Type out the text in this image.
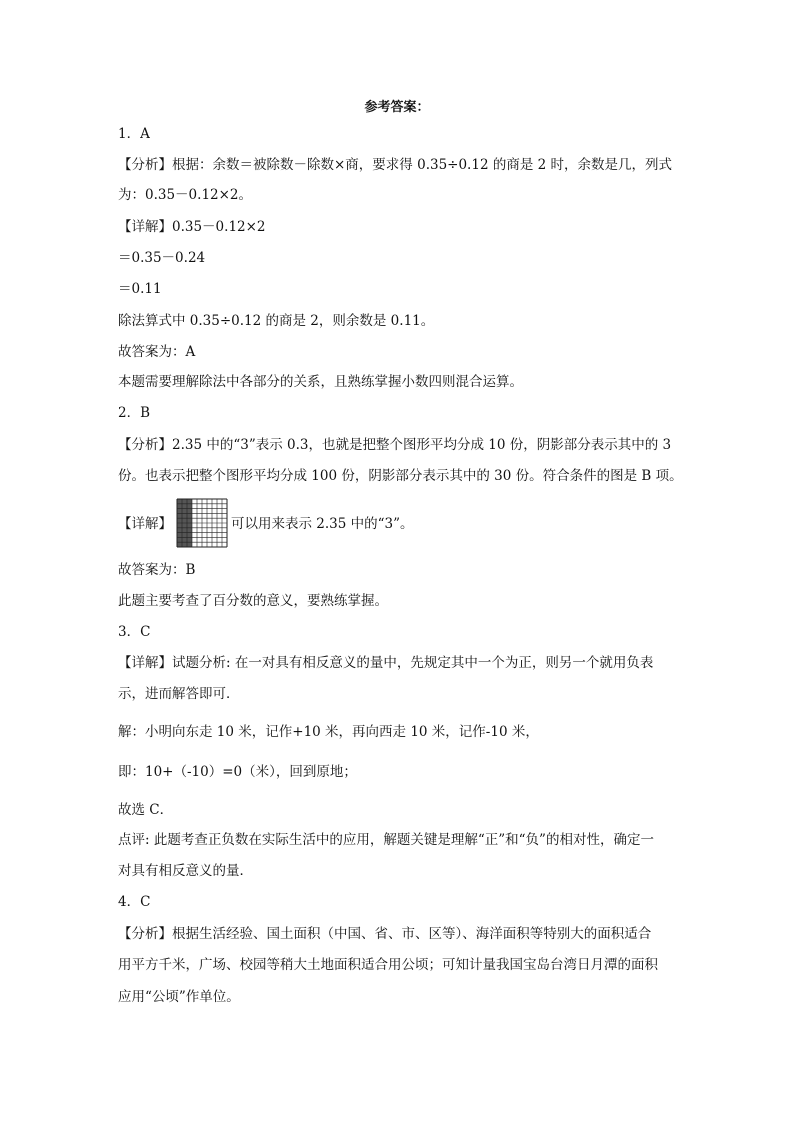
参考答案：
1．A
【分析】根据：余数＝被除数－除数×商，要求得 0.35÷0.12 的商是 2 时，余数是几，列式
为：0.35－0.12×2。
【详解】0.35－0.12×2
＝0.35－0.24
＝0.11
除法算式中 0.35÷0.12 的商是 2，则余数是 0.11。
故答案为：A
本题需要理解除法中各部分的关系，且熟练掌握小数四则混合运算。
2．B
【分析】2.35 中的“3”表示 0.3，也就是把整个图形平均分成 10 份，阴影部分表示其中的 3
份。也表示把整个图形平均分成 100 份，阴影部分表示其中的 30 份。符合条件的图是 B 项。
【详解】	可以用来表示 2.35 中的“3”。
故答案为：B
此题主要考查了百分数的意义，要熟练掌握。
3．C
【详解】试题分析: 在一对具有相反意义的量中，先规定其中一个为正，则另一个就用负表
示，进而解答即可．
解：小明向东走 10 米，记作+10 米，再向西走 10 米，记作-10 米，
即：10+（-10）=0（米），回到原地；
故选 C．
点评: 此题考查正负数在实际生活中的应用，解题关键是理解“正”和“负”的相对性，确定一
对具有相反意义的量．
4．C
【分析】根据生活经验、国土面积（中国、省、市、区等）、海洋面积等特别大的面积适合
用平方千米，广场、校园等稍大土地面积适合用公顷；可知计量我国宝岛台湾日月潭的面积
应用“公顷”作单位。
